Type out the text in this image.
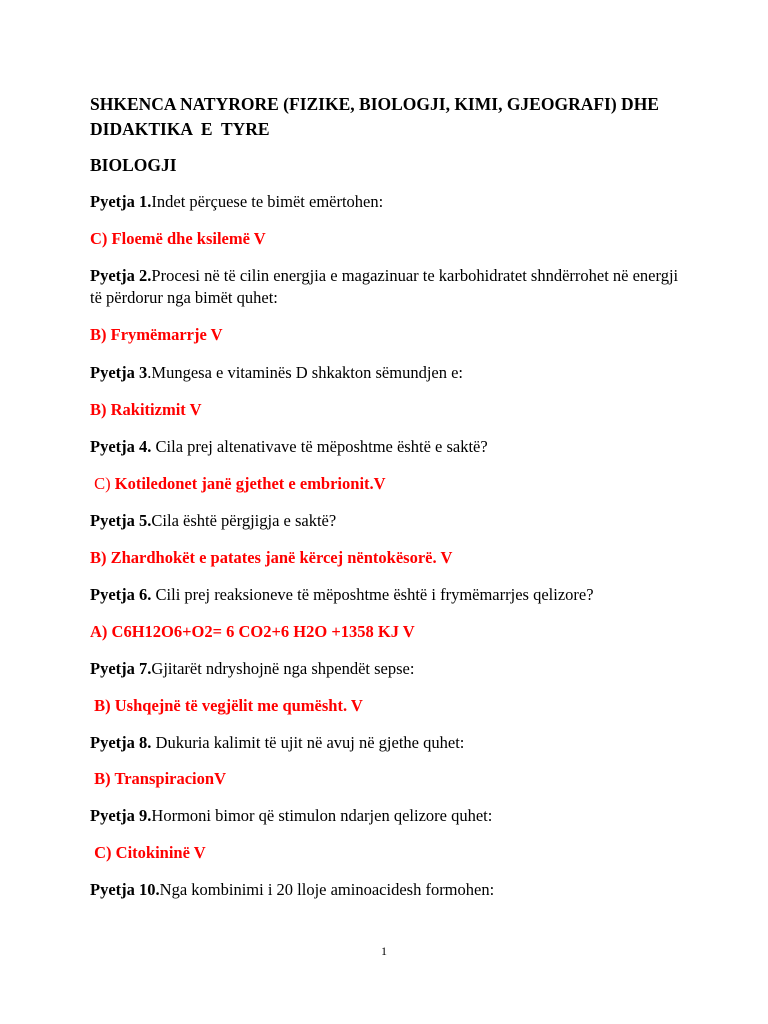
SHKENCA NATYRORE (FIZIKE, BIOLOGJI, KIMI, GJEOGRAFI) DHE
DIDAKTIKA  E  TYRE
BIOLOGJI
Pyetja 1.Indet përçuese te bimët emërtohen:
C) Floemë dhe ksilemë V
Pyetja 2.Procesi në të cilin energjia e magazinuar te karbohidratet shndërrohet në energji të përdorur nga bimët quhet:
B) Frymëmarrje V
Pyetja 3.Mungesa e vitaminës D shkakton sëmundjen e:
B) Rakitizmit V
Pyetja 4. Cila prej altenativave të mëposhtme është e saktë?
C) Kotiledonet janë gjethet e embrionit.V
Pyetja 5.Cila është përgjigja e saktë?
B) Zhardhokët e patates janë kërcej nëntokësorë. V
Pyetja 6. Cili prej reaksioneve të mëposhtme është i frymëmarrjes qelizore?
A) C6H12O6+O2= 6 CO2+6 H2O +1358 KJ V
Pyetja 7.Gjitarët ndryshojnë nga shpendët sepse:
B) Ushqejnë të vegjëlit me qumësht. V
Pyetja 8. Dukuria kalimit të ujit në avuj në gjethe quhet:
B) TranspiracionV
Pyetja 9.Hormoni bimor që stimulon ndarjen qelizore quhet:
C) Citokininë V
Pyetja 10.Nga kombinimi i 20 lloje aminoacidesh formohen:
1
